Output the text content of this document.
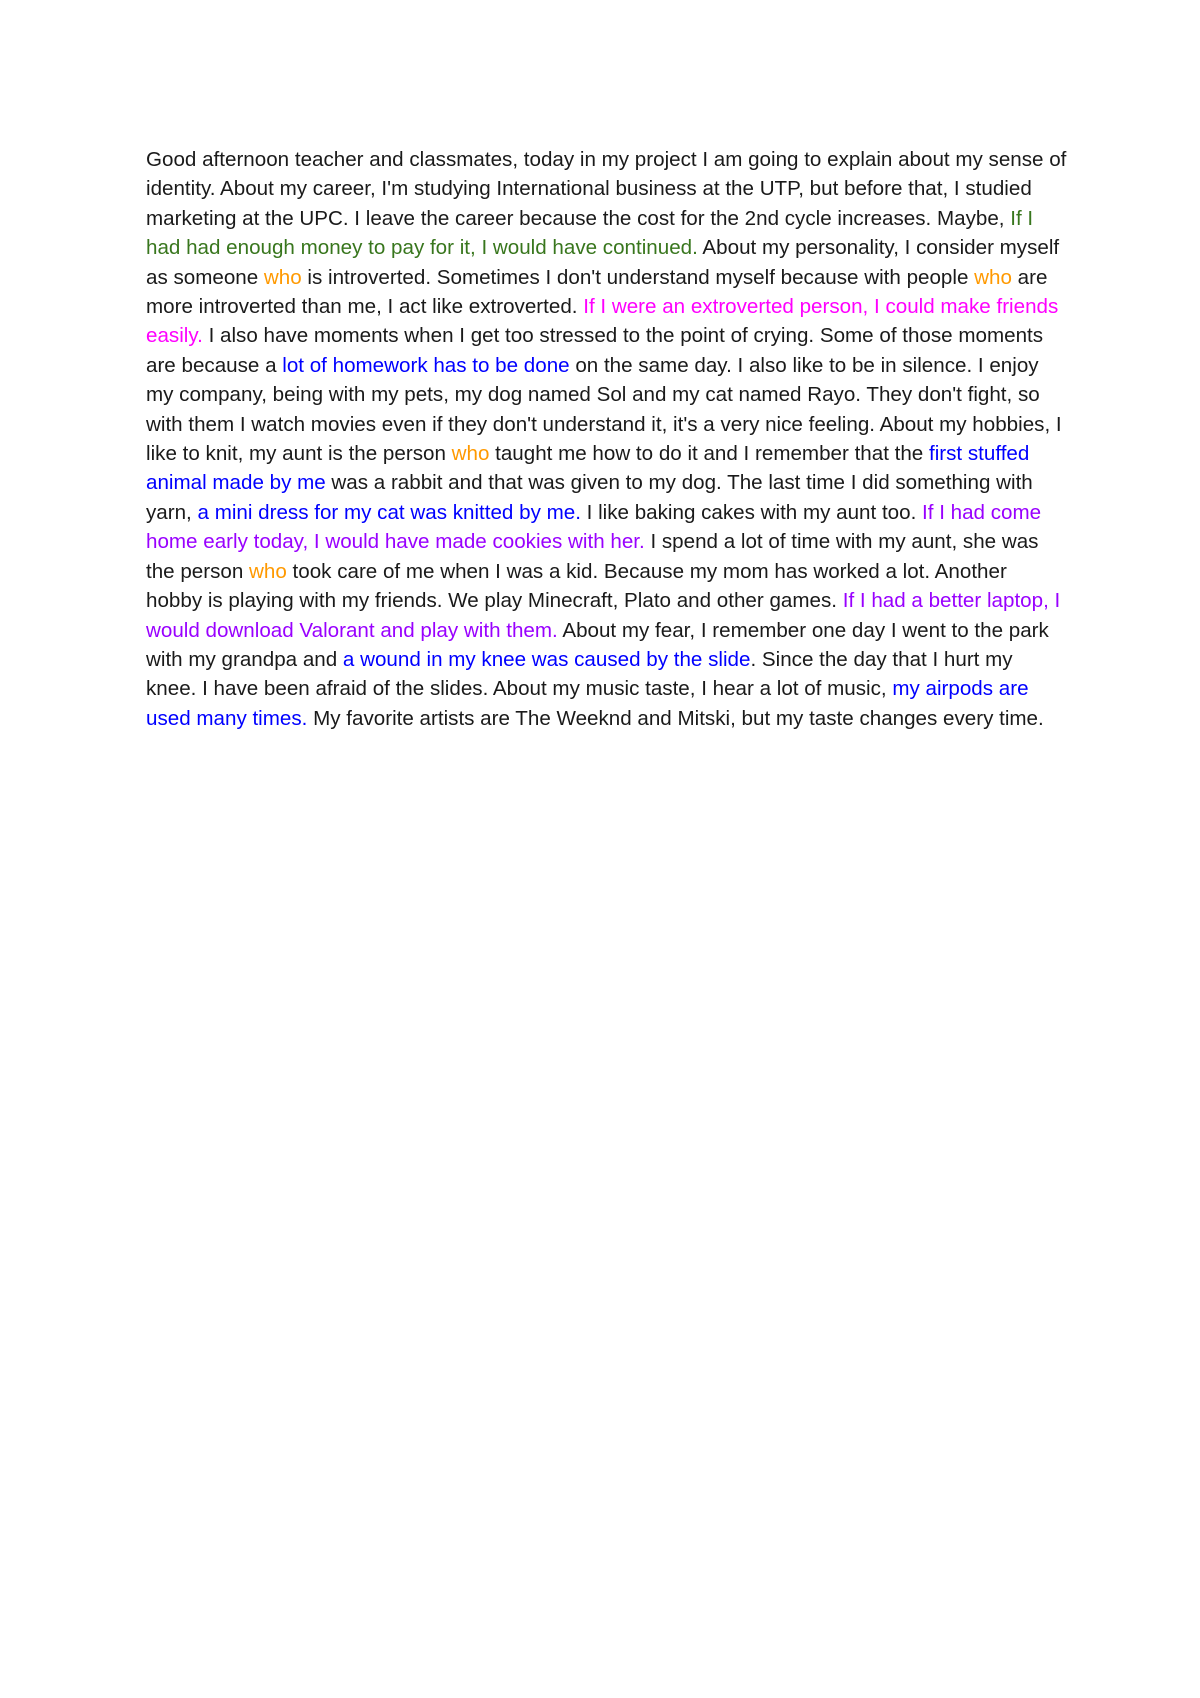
Good afternoon teacher and classmates, today in my project I am going to explain about my sense of identity. About my career, I'm studying International business at the UTP, but before that, I studied marketing at the UPC. I leave the career because the cost for the 2nd cycle increases. Maybe, If I had had enough money to pay for it, I would have continued. About my personality, I consider myself as someone who is introverted. Sometimes I don't understand myself because with people who are more introverted than me, I act like extroverted. If I were an extroverted person, I could make friends easily. I also have moments when I get too stressed to the point of crying. Some of those moments are because a lot of homework has to be done on the same day. I also like to be in silence. I enjoy my company, being with my pets, my dog named Sol and my cat named Rayo. They don't fight, so with them I watch movies even if they don't understand it, it's a very nice feeling. About my hobbies, I like to knit, my aunt is the person who taught me how to do it and I remember that the first stuffed animal made by me was a rabbit and that was given to my dog. The last time I did something with yarn, a mini dress for my cat was knitted by me. I like baking cakes with my aunt too. If I had come home early today, I would have made cookies with her. I spend a lot of time with my aunt, she was the person who took care of me when I was a kid. Because my mom has worked a lot. Another hobby is playing with my friends. We play Minecraft, Plato and other games. If I had a better laptop, I would download Valorant and play with them. About my fear, I remember one day I went to the park with my grandpa and a wound in my knee was caused by the slide. Since the day that I hurt my knee. I have been afraid of the slides. About my music taste, I hear a lot of music, my airpods are used many times. My favorite artists are The Weeknd and Mitski, but my taste changes every time.
